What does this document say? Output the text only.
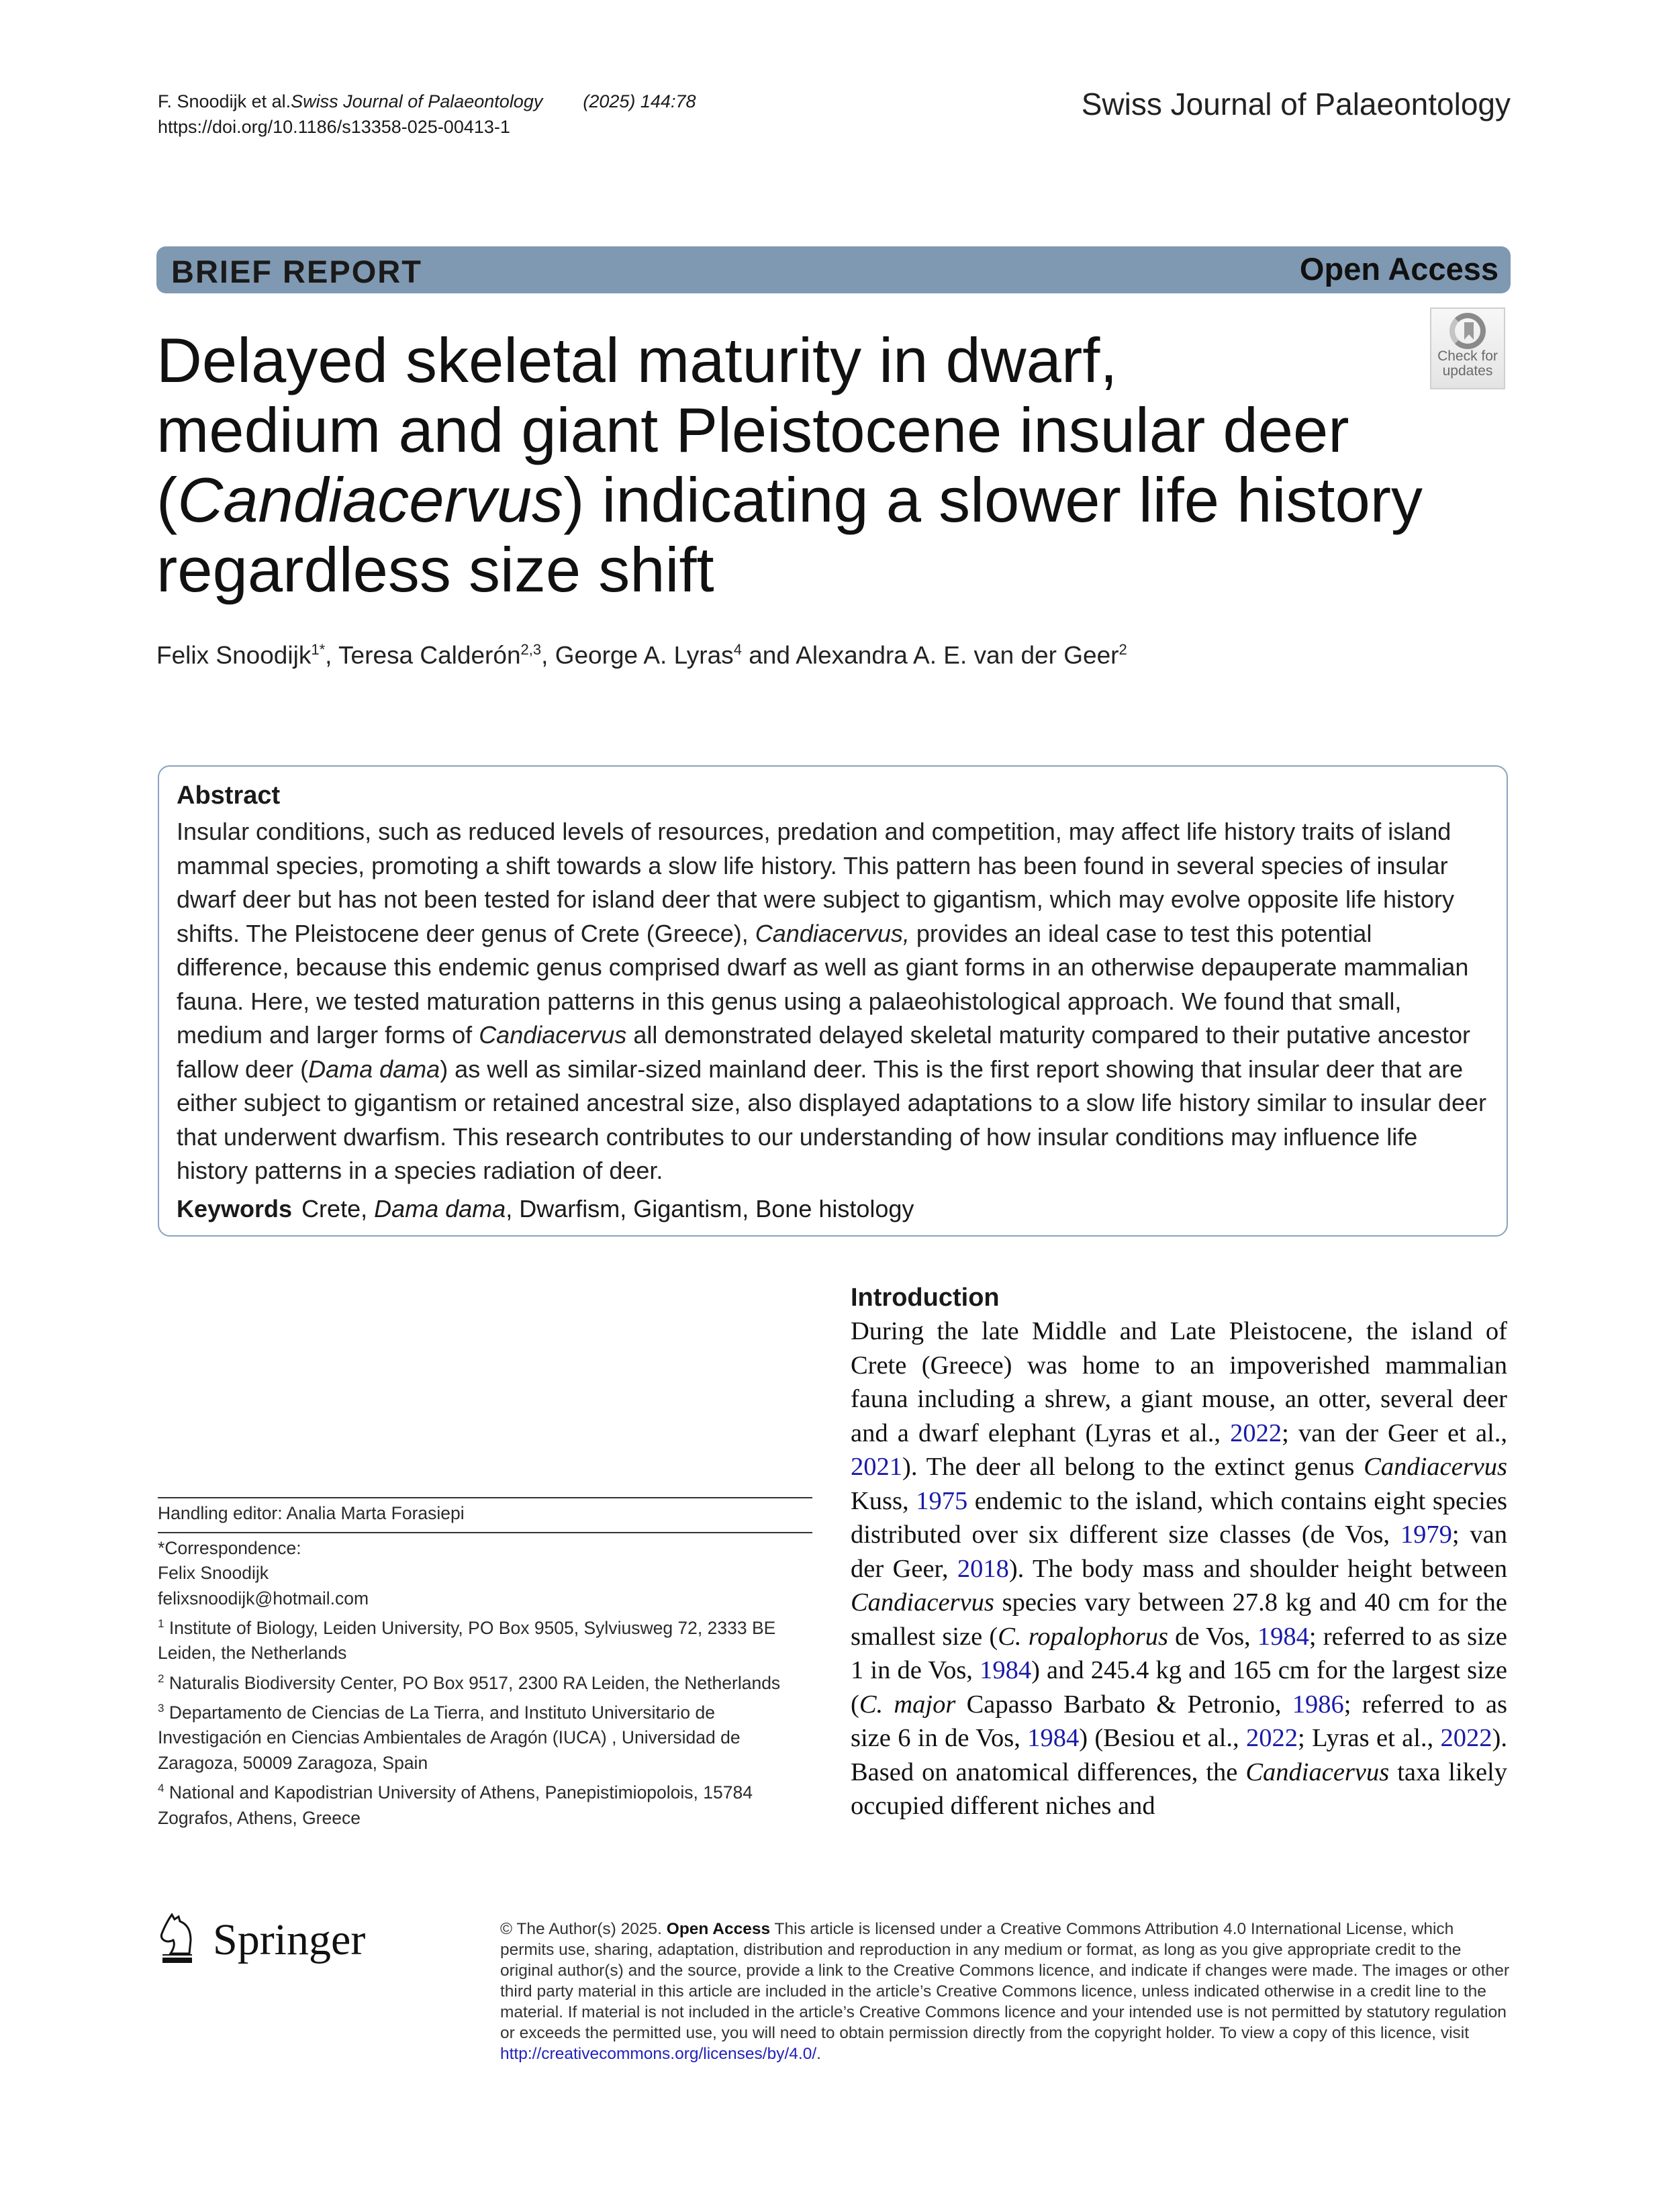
F. Snoodijk et al.Swiss Journal of Palaeontology (2025) 144:78
https://doi.org/10.1186/s13358-025-00413-1
Swiss Journal of Palaeontology
BRIEF REPORT	Open Access
Check for
updates
Delayed skeletal maturity in dwarf,
medium and giant Pleistocene insular deer
(Candiacervus) indicating a slower life history
regardless size shift
Felix Snoodijk$^{1*}$, Teresa Calderón$^{2,3}$, George A. Lyras$^4$ and Alexandra A. E. van der Geer$^2$
Abstract

Insular conditions, such as reduced levels of resources, predation and competition, may affect life history traits of island mammal species, promoting a shift towards a slow life history. This pattern has been found in several species of insular dwarf deer but has not been tested for island deer that were subject to gigantism, which may evolve opposite life history shifts. The Pleistocene deer genus of Crete (Greece), Candiacervus, provides an ideal case to test this potential difference, because this endemic genus comprised dwarf as well as giant forms in an otherwise depauperate mammalian fauna. Here, we tested maturation patterns in this genus using a palaeohistological approach. We found that small, medium and larger forms of Candiacervus all demonstrated delayed skeletal maturity compared to their putative ancestor fallow deer (Dama dama) as well as similar-sized mainland deer. This is the first report showing that insular deer that are either subject to gigantism or retained ancestral size, also displayed adaptations to a slow life history similar to insular deer that underwent dwarfism. This research contributes to our understanding of how insular conditions may influence life history patterns in a species radiation of deer.

Keywords Crete, Dama dama, Dwarfism, Gigantism, Bone histology
Handling editor: Analia Marta Forasiepi
*Correspondence:
Felix Snoodijk
felixsnoodijk@hotmail.com
$^1$ Institute of Biology, Leiden University, PO Box 9505, Sylviusweg 72, 2333 BE Leiden, the Netherlands
$^2$ Naturalis Biodiversity Center, PO Box 9517, 2300 RA Leiden, the Netherlands
$^3$ Departamento de Ciencias de La Tierra, and Instituto Universitario de Investigación en Ciencias Ambientales de Aragón (IUCA) , Universidad de Zaragoza, 50009 Zaragoza, Spain
$^4$ National and Kapodistrian University of Athens, Panepistimiopolois, 15784 Zografos, Athens, Greece
Introduction

During the late Middle and Late Pleistocene, the island of Crete (Greece) was home to an impoverished mammalian fauna including a shrew, a giant mouse, an otter, several deer and a dwarf elephant (Lyras et al., 2022; van der Geer et al., 2021). The deer all belong to the extinct genus Candiacervus Kuss, 1975 endemic to the island, which contains eight species distributed over six different size classes (de Vos, 1979; van der Geer, 2018). The body mass and shoulder height between Candiacervus species vary between 27.8 kg and 40 cm for the smallest size (C. ropalophorus de Vos, 1984; referred to as size 1 in de Vos, 1984) and 245.4 kg and 165 cm for the largest size (C. major Capasso Barbato & Petronio, 1986; referred to as size 6 in de Vos, 1984) (Besiou et al., 2022; Lyras et al., 2022). Based on anatomical differences, the Candiacervus taxa likely occupied different niches and

Springer	© The Author(s) 2025. Open Access This article is licensed under a Creative Commons Attribution 4.0 International License, which permits use, sharing, adaptation, distribution and reproduction in any medium or format, as long as you give appropriate credit to the original author(s) and the source, provide a link to the Creative Commons licence, and indicate if changes were made. The images or other third party material in this article are included in the article’s Creative Commons licence, unless indicated otherwise in a credit line to the material. If material is not included in the article’s Creative Commons licence and your intended use is not permitted by statutory regulation or exceeds the permitted use, you will need to obtain permission directly from the copyright holder. To view a copy of this licence, visit http://creativecommons.org/licenses/by/4.0/.
